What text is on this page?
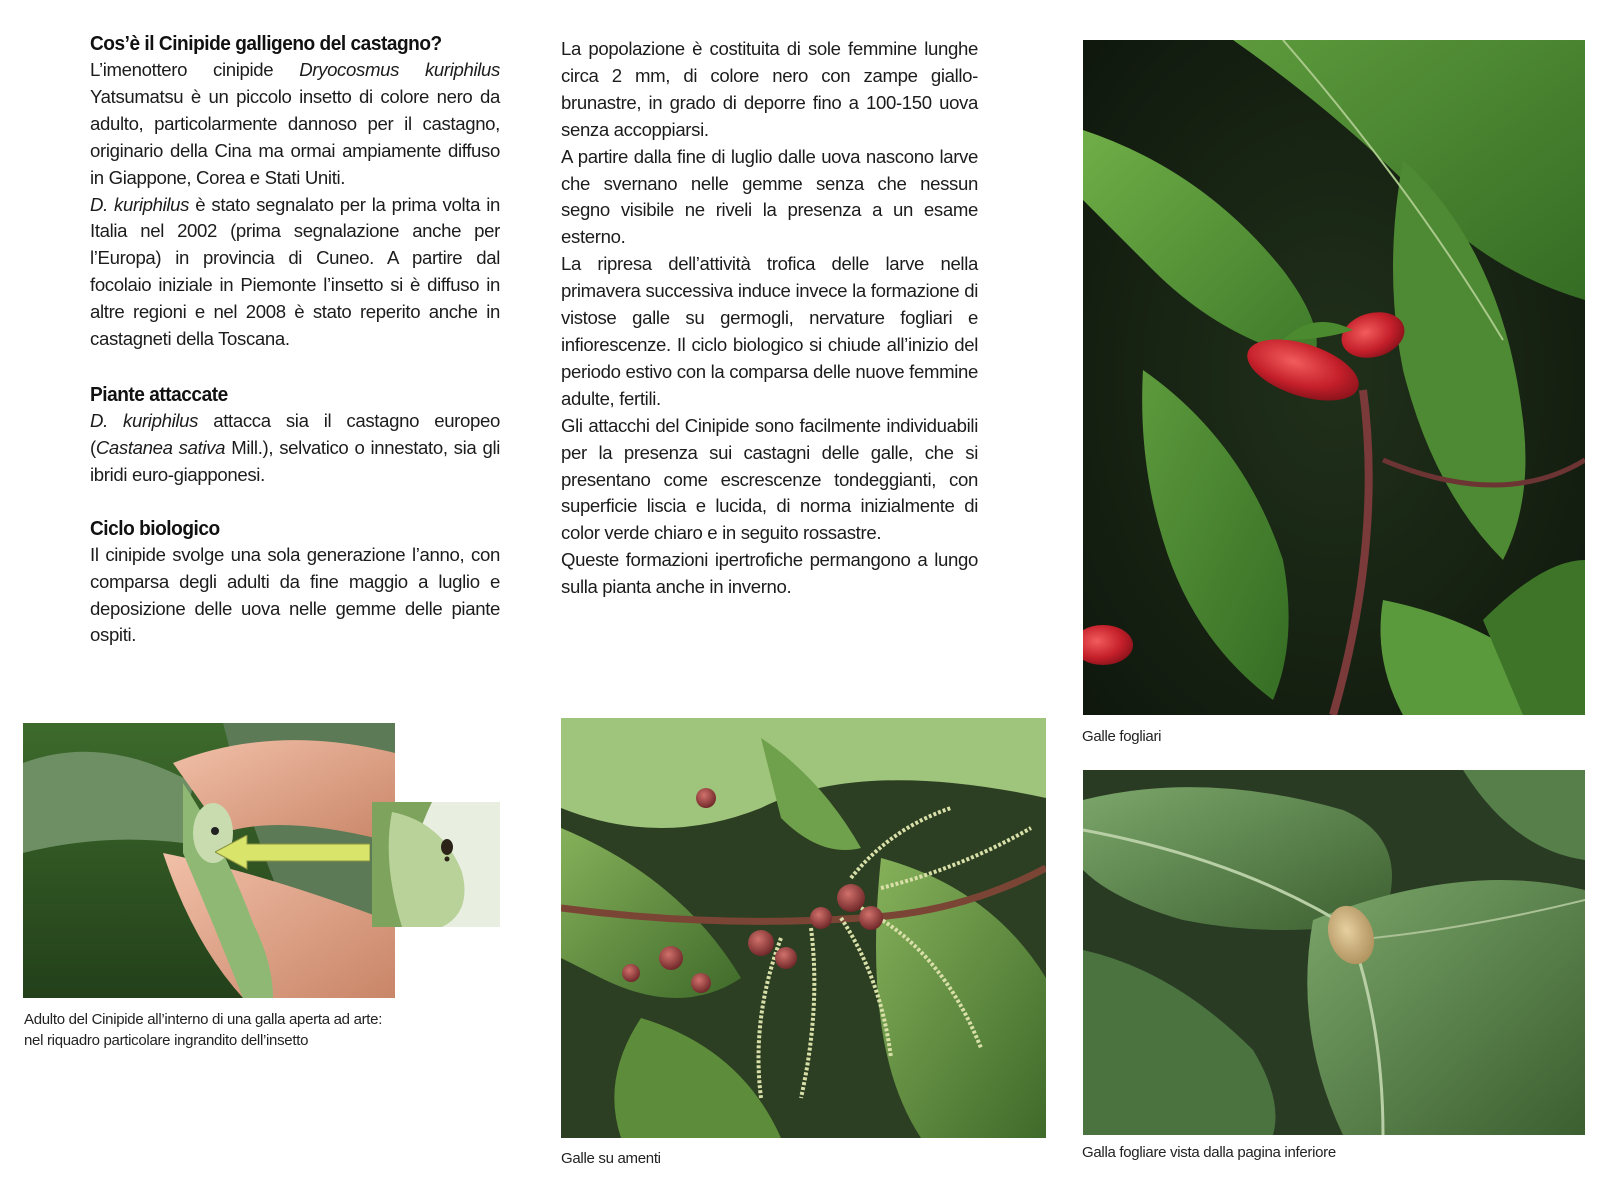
Cos’è il Cinipide galligeno del castagno?

L’imenottero cinipide Dryocosmus kuriphilus Yatsumatsu è un piccolo insetto di colore nero da adulto, particolarmente dannoso per il castagno, originario della Cina ma ormai ampiamente diffuso in Giappone, Corea e Stati Uniti.

D. kuriphilus è stato segnalato per la prima volta in Italia nel 2002 (prima segnalazione anche per l’Europa) in provincia di Cuneo. A partire dal focolaio iniziale in Piemonte l’insetto si è diffuso in altre regioni e nel 2008 è stato reperito anche in castagneti della Toscana.

Piante attaccate

D. kuriphilus attacca sia il castagno europeo (Castanea sativa Mill.), selvatico o innestato, sia gli ibridi euro-giapponesi.

Ciclo biologico

Il cinipide svolge una sola generazione l’anno, con comparsa degli adulti da fine maggio a luglio e deposizione delle uova nelle gemme delle piante ospiti.

La popolazione è costituita di sole femmine lunghe circa 2 mm, di colore nero con zampe giallo-brunastre, in grado di deporre fino a 100-150 uova senza accoppiarsi.

A partire dalla fine di luglio dalle uova nascono larve che svernano nelle gemme senza che nessun segno visibile ne riveli la presenza a un esame esterno.

La ripresa dell’attività trofica delle larve nella primavera successiva induce invece la formazione di vistose galle su germogli, nervature fogliari e infiorescenze. Il ciclo biologico si chiude all’inizio del periodo estivo con la comparsa delle nuove femmine adulte, fertili.

Gli attacchi del Cinipide sono facilmente individuabili per la presenza sui castagni delle galle, che si presentano come escrescenze tondeggianti, con superficie liscia e lucida, di norma inizialmente di color verde chiaro e in seguito rossastre.

Queste formazioni ipertrofiche permangono a lungo sulla pianta anche in inverno.

Galle fogliari
Adulto del Cinipide all’interno di una galla aperta ad arte:
nel riquadro particolare ingrandito dell’insetto
Galle su amenti	Galla fogliare vista dalla pagina inferiore
